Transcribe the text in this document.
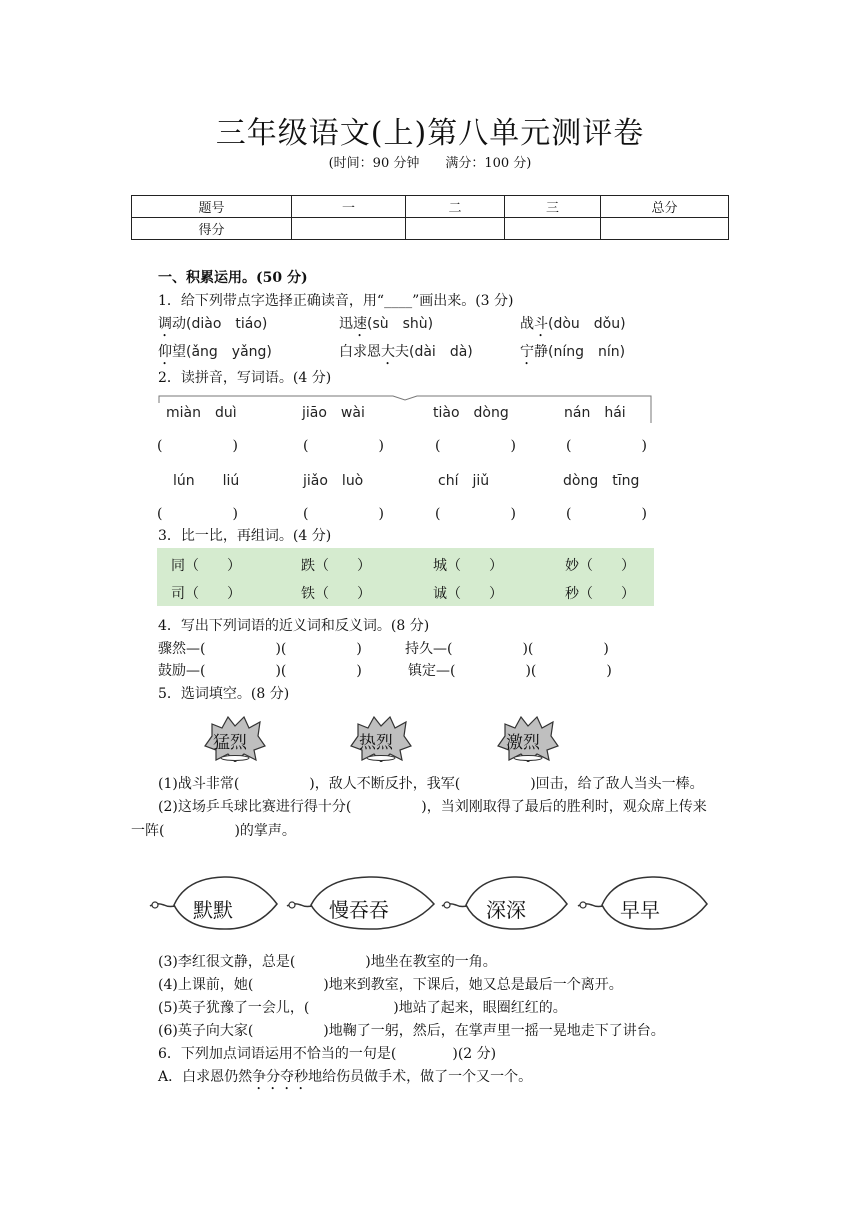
三年级语文(上)第八单元测评卷
(时间：90 分钟　　满分：100 分)
题号	一	二	三	总分
得分				
一、积累运用。(50 分)
1．给下列带点字选择正确读音，用“____”画出来。(3 分)
调动(diào　tiáo)	迅速(sù　shù)	战斗(dòu　dǒu)
仰望(ǎng　yǎng)	白求恩大夫(dài　dà)	宁静(níng　nín)
2．读拼音，写词语。(4 分)
miàn　duì	jiāo　wài	tiào　dòng	nán　hái
(　　　　　)	(　　　　　)	(　　　　　)	(　　　　　)
lún　　liú	jiǎo　luò	chí　jiǔ	dòng　tīng
(　　　　　)	(　　　　　)	(　　　　　)	(　　　　　)
3．比一比，再组词。(4 分)
同（　　）	跌（　　）	城（　　）	妙（　　）
司（　　）	铁（　　）	诚（　　）	秒（　　）
4．写出下列词语的近义词和反义词。(8 分)
骤然—(　　　　　)(　　　　　)	持久—(　　　　　)(　　　　　)
鼓励—(　　　　　)(　　　　　)	镇定—(　　　　　)(　　　　　)
5．选词填空。(8 分)
猛烈	热烈	激烈
(1)战斗非常(　　　　　)，敌人不断反扑，我军(　　　　　)回击，给了敌人当头一棒。
(2)这场乒乓球比赛进行得十分(　　　　　)，当刘刚取得了最后的胜利时，观众席上传来
一阵(　　　　　)的掌声。
默默	慢吞吞	深深	早早
(3)李红很文静，总是(　　　　　)地坐在教室的一角。
(4)上课前，她(　　　　　)地来到教室，下课后，她又总是最后一个离开。
(5)英子犹豫了一会儿，(　　　　　　)地站了起来，眼圈红红的。
(6)英子向大家(　　　　　)地鞠了一躬，然后，在掌声里一摇一晃地走下了讲台。
6．下列加点词语运用不恰当的一句是(　　　　)(2 分)
A．白求恩仍然争分夺秒地给伤员做手术，做了一个又一个。
